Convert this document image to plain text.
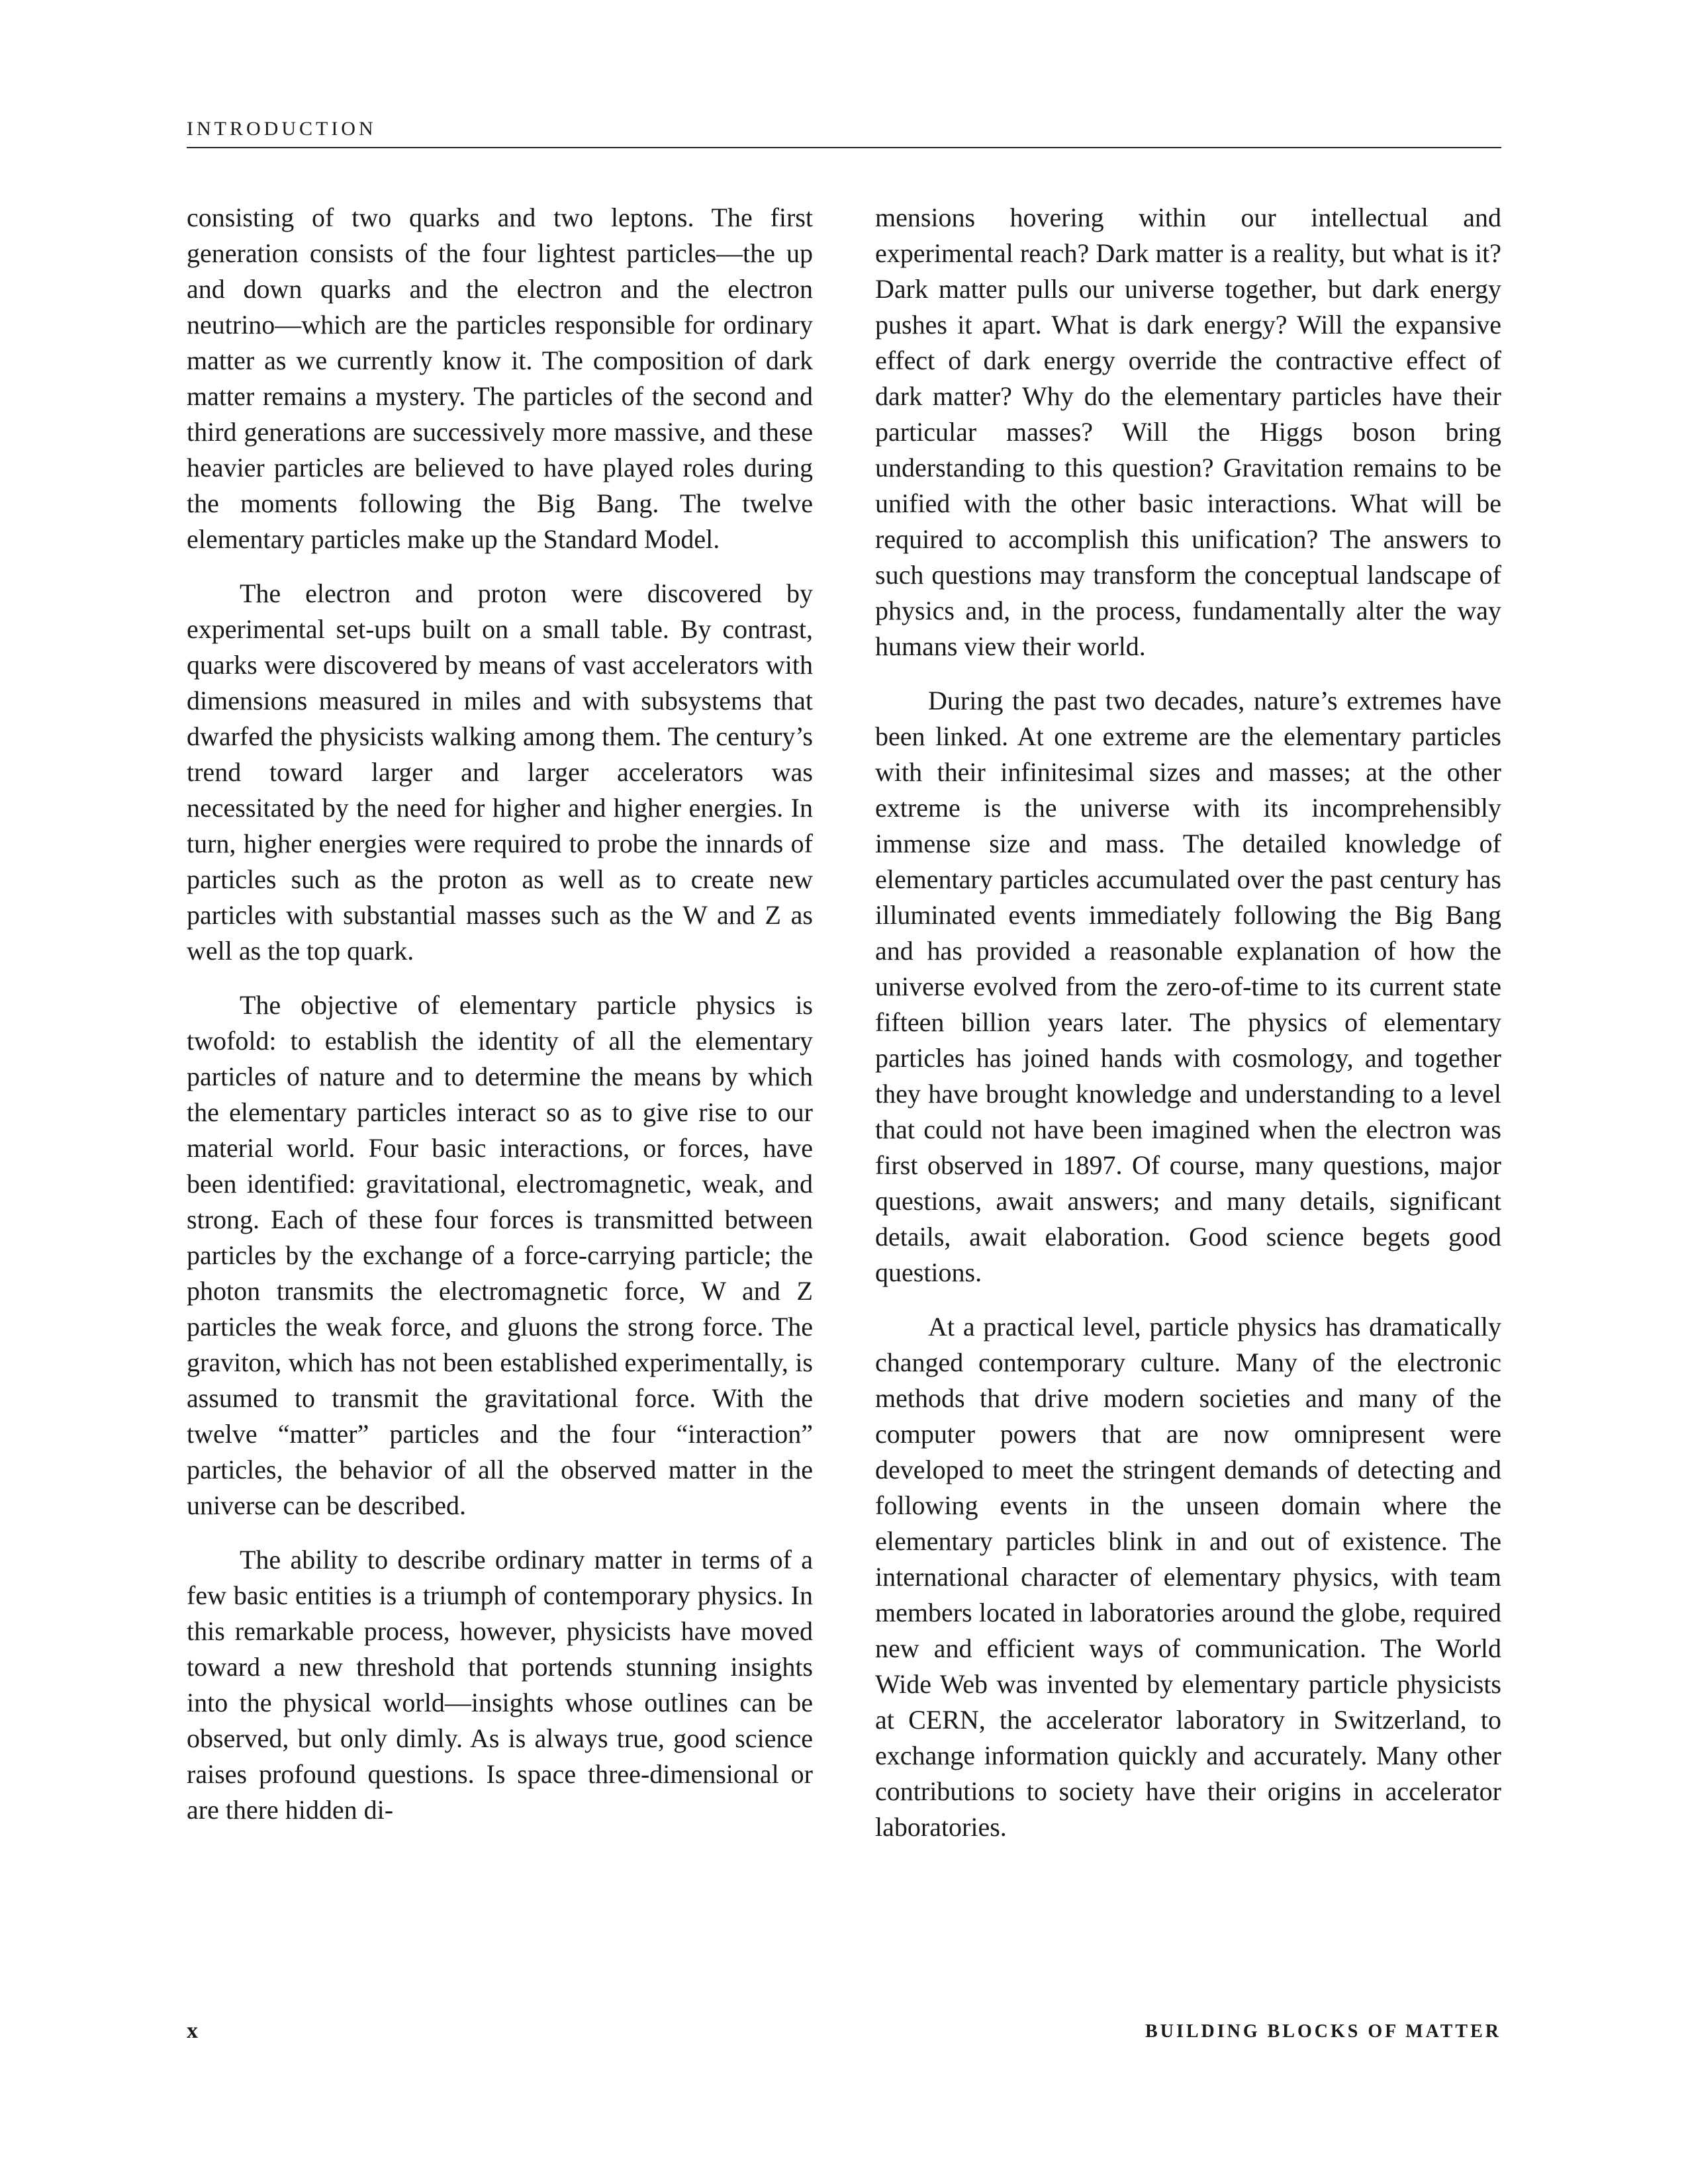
INTRODUCTION

consisting of two quarks and two leptons. The first generation consists of the four lightest particles—the up and down quarks and the electron and the electron neutrino—which are the particles responsible for ordinary matter as we currently know it. The composition of dark matter remains a mystery. The particles of the second and third generations are successively more massive, and these heavier particles are believed to have played roles during the moments following the Big Bang. The twelve elementary particles make up the Standard Model.

The electron and proton were discovered by experimental set-ups built on a small table. By contrast, quarks were discovered by means of vast accelerators with dimensions measured in miles and with subsystems that dwarfed the physicists walking among them. The century’s trend toward larger and larger accelerators was necessitated by the need for higher and higher energies. In turn, higher energies were required to probe the innards of particles such as the proton as well as to create new particles with substantial masses such as the W and Z as well as the top quark.

The objective of elementary particle physics is twofold: to establish the identity of all the elementary particles of nature and to determine the means by which the elementary particles interact so as to give rise to our material world. Four basic interactions, or forces, have been identified: gravitational, electromagnetic, weak, and strong. Each of these four forces is transmitted between particles by the exchange of a force-carrying particle; the photon transmits the electromagnetic force, W and Z particles the weak force, and gluons the strong force. The graviton, which has not been established experimentally, is assumed to transmit the gravitational force. With the twelve “matter” particles and the four “interaction” particles, the behavior of all the observed matter in the universe can be described.

The ability to describe ordinary matter in terms of a few basic entities is a triumph of contemporary physics. In this remarkable process, however, physicists have moved toward a new threshold that portends stunning insights into the physical world—insights whose outlines can be observed, but only dimly. As is always true, good science raises profound questions. Is space three-dimensional or are there hidden di-

mensions hovering within our intellectual and experimental reach? Dark matter is a reality, but what is it? Dark matter pulls our universe together, but dark energy pushes it apart. What is dark energy? Will the expansive effect of dark energy override the contractive effect of dark matter? Why do the elementary particles have their particular masses? Will the Higgs boson bring understanding to this question? Gravitation remains to be unified with the other basic interactions. What will be required to accomplish this unification? The answers to such questions may transform the conceptual landscape of physics and, in the process, fundamentally alter the way humans view their world.

During the past two decades, nature’s extremes have been linked. At one extreme are the elementary particles with their infinitesimal sizes and masses; at the other extreme is the universe with its incomprehensibly immense size and mass. The detailed knowledge of elementary particles accumulated over the past century has illuminated events immediately following the Big Bang and has provided a reasonable explanation of how the universe evolved from the zero-of-time to its current state fifteen billion years later. The physics of elementary particles has joined hands with cosmology, and together they have brought knowledge and understanding to a level that could not have been imagined when the electron was first observed in 1897. Of course, many questions, major questions, await answers; and many details, significant details, await elaboration. Good science begets good questions.

At a practical level, particle physics has dramatically changed contemporary culture. Many of the electronic methods that drive modern societies and many of the computer powers that are now omnipresent were developed to meet the stringent demands of detecting and following events in the unseen domain where the elementary particles blink in and out of existence. The international character of elementary physics, with team members located in laboratories around the globe, required new and efficient ways of communication. The World Wide Web was invented by elementary particle physicists at CERN, the accelerator laboratory in Switzerland, to exchange information quickly and accurately. Many other contributions to society have their origins in accelerator laboratories.

x	BUILDING BLOCKS OF MATTER
